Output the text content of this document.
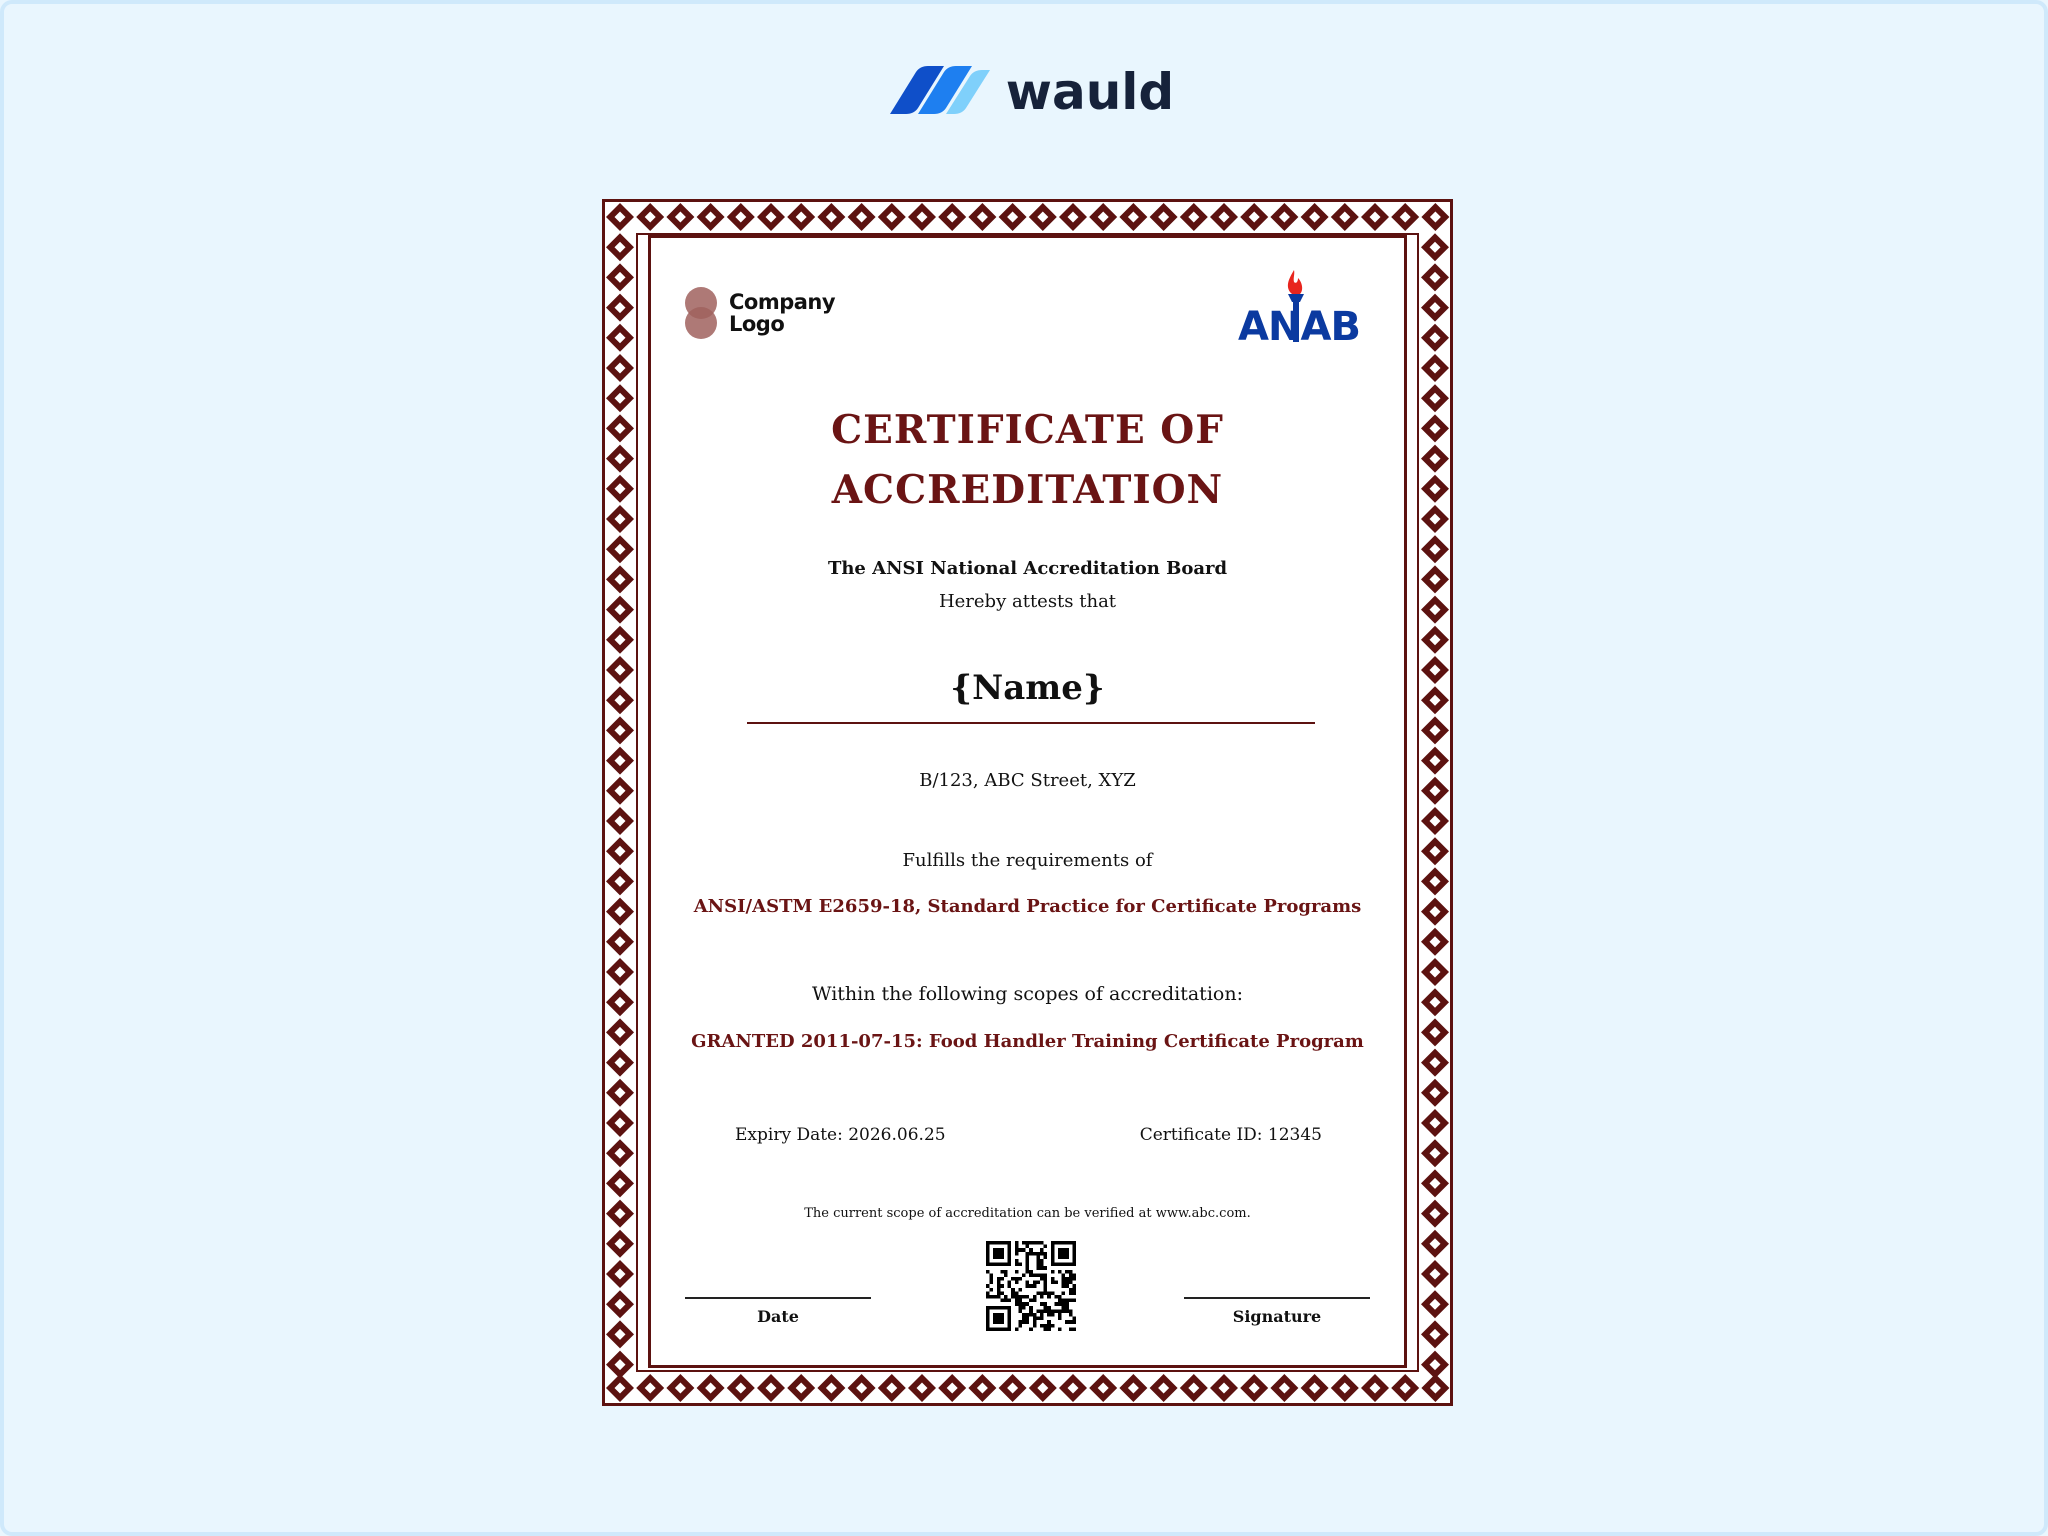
wauld
Company
Logo	ANAB
CERTIFICATE OF
ACCREDITATION
The ANSI National Accreditation Board
Hereby attests that
{Name}
B/123, ABC Street, XYZ
Fulfills the requirements of
ANSI/ASTM E2659-18, Standard Practice for Certificate Programs
Within the following scopes of accreditation:
GRANTED 2011-07-15: Food Handler Training Certificate Program
Expiry Date: 2026.06.25	Certificate ID: 12345
The current scope of accreditation can be verified at www.abc.com.
Date	Signature
